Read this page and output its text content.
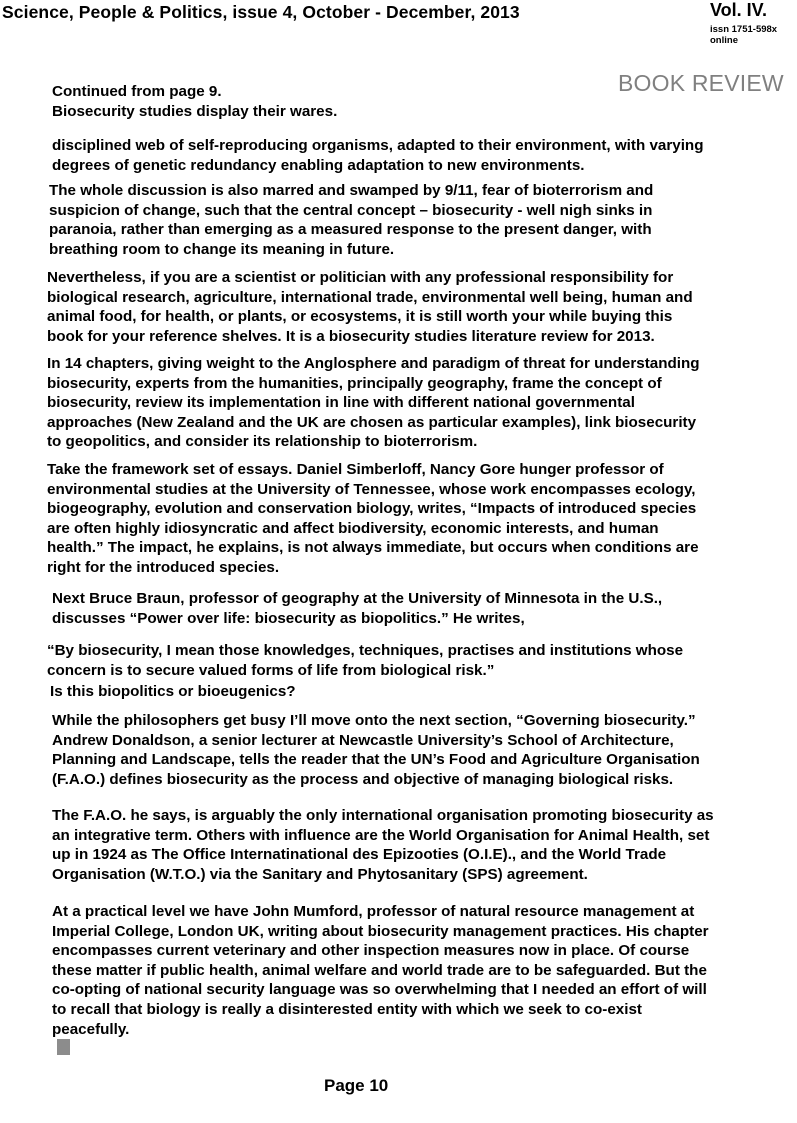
Science, People & Politics, issue 4, October - December, 2013	Vol. IV.
issn 1751-598x
online
BOOK REVIEW
Continued from page 9.
Biosecurity studies display their wares.
disciplined web of self-reproducing organisms, adapted to their environment, with varying
degrees of genetic redundancy enabling adaptation to new environments.
The whole discussion is also marred and swamped by 9/11, fear of bioterrorism and
suspicion of change, such that the central concept – biosecurity - well nigh sinks in
paranoia, rather than emerging as a measured response to the present danger, with
breathing room to change its meaning in future.
Nevertheless, if you are a scientist or politician with any professional responsibility for
biological research, agriculture, international trade, environmental well being, human and
animal food, for health, or plants, or ecosystems, it is still worth your while buying this
book for your reference shelves. It is a biosecurity studies literature review for 2013.
In 14 chapters, giving weight to the Anglosphere and paradigm of threat for understanding
biosecurity, experts from the humanities, principally geography, frame the concept of
biosecurity, review its implementation in line with different national governmental
approaches (New Zealand and the UK are chosen as particular examples), link biosecurity
to geopolitics, and consider its relationship to bioterrorism.
Take the framework set of essays. Daniel Simberloff, Nancy Gore hunger professor of
environmental studies at the University of Tennessee, whose work encompasses ecology,
biogeography, evolution and conservation biology, writes, “Impacts of introduced species
are often highly idiosyncratic and affect biodiversity, economic interests, and human
health.” The impact, he explains, is not always immediate, but occurs when conditions are
right for the introduced species.
Next Bruce Braun, professor of geography at the University of Minnesota in the U.S.,
discusses “Power over life: biosecurity as biopolitics.” He writes,
“By biosecurity, I mean those knowledges, techniques, practises and institutions whose
concern is to secure valued forms of life from biological risk.”
Is this biopolitics or bioeugenics?
While the philosophers get busy I’ll move onto the next section, “Governing biosecurity.”
Andrew Donaldson, a senior lecturer at Newcastle University’s School of Architecture,
Planning and Landscape, tells the reader that the UN’s Food and Agriculture Organisation
(F.A.O.) defines biosecurity as the process and objective of managing biological risks.
The F.A.O. he says, is arguably the only international organisation promoting biosecurity as
an integrative term. Others with influence are the World Organisation for Animal Health, set
up in 1924 as The Office Internatinational des Epizooties (O.I.E)., and the World Trade
Organisation (W.T.O.) via the Sanitary and Phytosanitary (SPS) agreement.
At a practical level we have John Mumford, professor of natural resource management at
Imperial College, London UK, writing about biosecurity management practices. His chapter
encompasses current veterinary and other inspection measures now in place. Of course
these matter if public health, animal welfare and world trade are to be safeguarded. But the
co-opting of national security language was so overwhelming that I needed an effort of will
to recall that biology is really a disinterested entity with which we seek to co-exist
peacefully.
Page 10
